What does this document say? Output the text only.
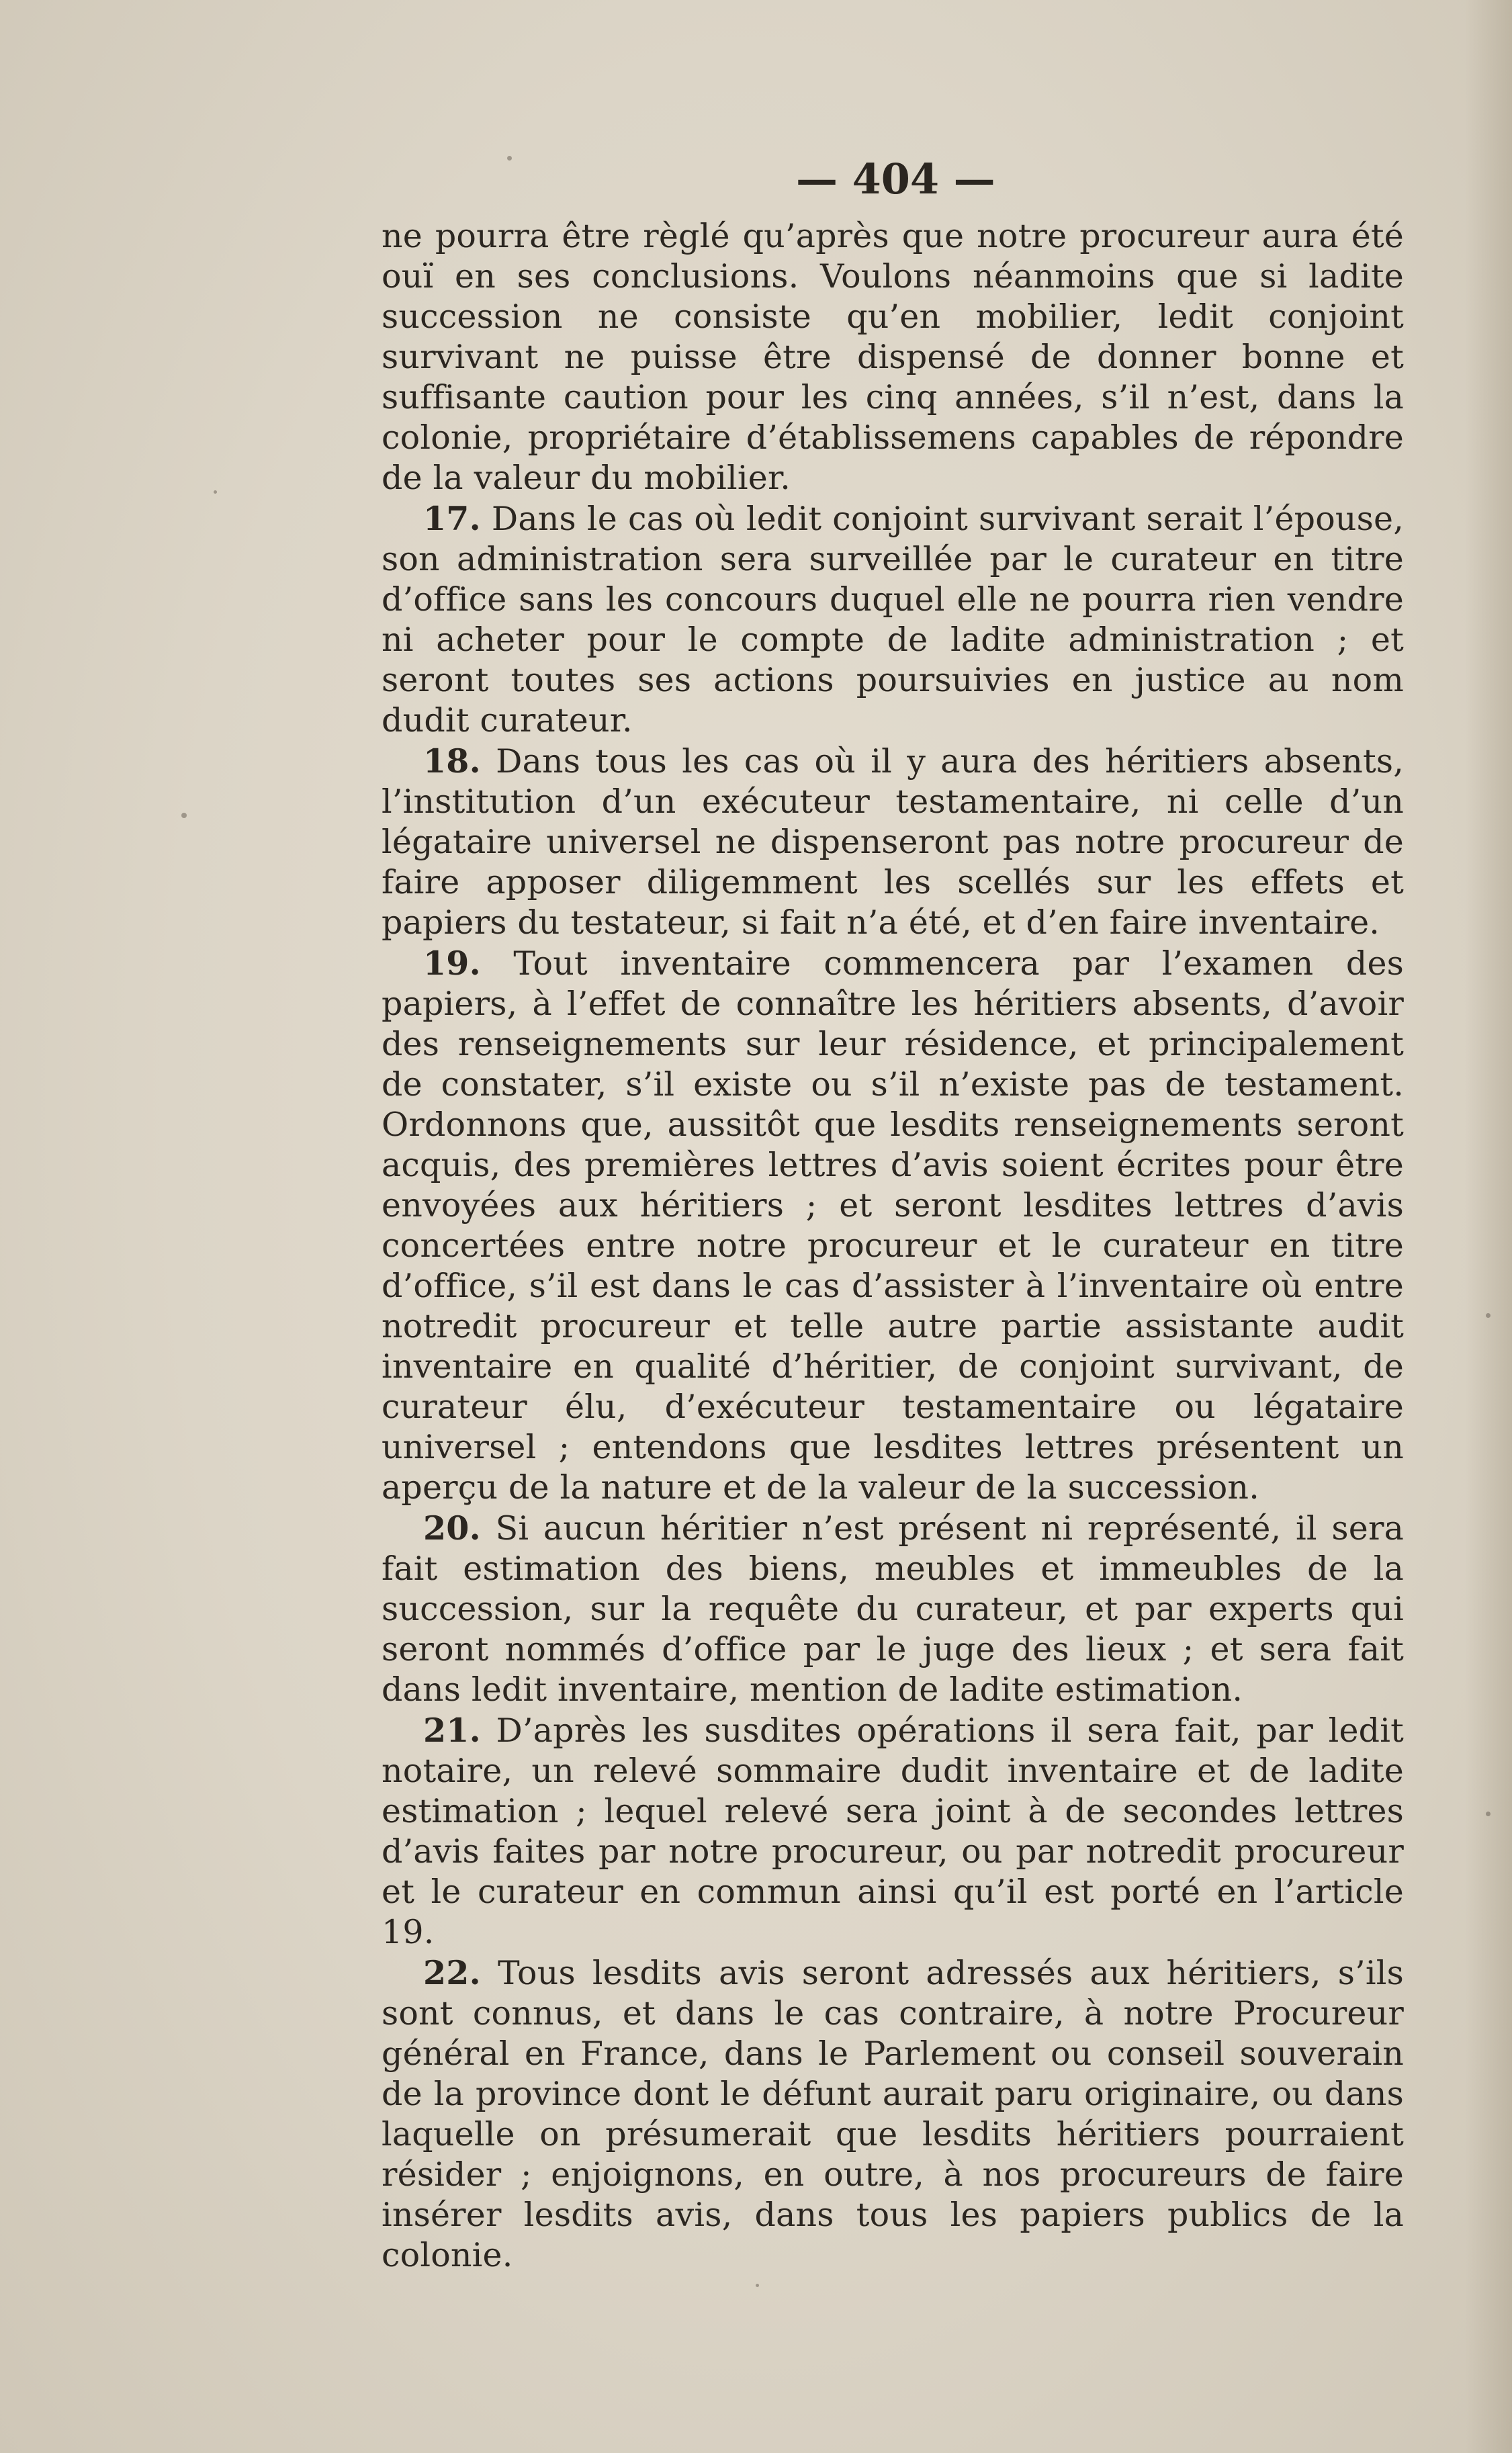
— 404 —

ne pourra être règlé qu’après que notre procureur aura été ouï en ses conclusions. Voulons néanmoins que si ladite succession ne consiste qu’en mobilier, ledit conjoint survivant ne puisse être dispensé de donner bonne et suffisante caution pour les cinq années, s’il n’est, dans la colonie, propriétaire d’établissemens capables de répondre de la valeur du mobilier.

17. Dans le cas où ledit conjoint survivant serait l’épouse, son administration sera surveillée par le curateur en titre d’office sans les concours duquel elle ne pourra rien vendre ni acheter pour le compte de ladite administration ; et seront toutes ses actions poursuivies en justice au nom dudit curateur.

18. Dans tous les cas où il y aura des héritiers absents, l’institution d’un exécuteur testamentaire, ni celle d’un légataire universel ne dispenseront pas notre procureur de faire apposer diligemment les scellés sur les effets et papiers du testateur, si fait n’a été, et d’en faire inventaire.

19. Tout inventaire commencera par l’examen des papiers, à l’effet de connaître les héritiers absents, d’avoir des renseignements sur leur résidence, et principalement de constater, s’il existe ou s’il n’existe pas de testament. Ordonnons que, aussitôt que lesdits renseignements seront acquis, des premières lettres d’avis soient écrites pour être envoyées aux héritiers ; et seront lesdites lettres d’avis concertées entre notre procureur et le curateur en titre d’office, s’il est dans le cas d’assister à l’inventaire où entre notredit procureur et telle autre partie assistante audit inventaire en qualité d’héritier, de conjoint survivant, de curateur élu, d’exécuteur testamentaire ou légataire universel ; entendons que lesdites lettres présentent un aperçu de la nature et de la valeur de la succession.

20. Si aucun héritier n’est présent ni représenté, il sera fait estimation des biens, meubles et immeubles de la succession, sur la requête du curateur, et par experts qui seront nommés d’office par le juge des lieux ; et sera fait dans ledit inventaire, mention de ladite estimation.

21. D’après les susdites opérations il sera fait, par ledit notaire, un relevé sommaire dudit inventaire et de ladite estimation ; lequel relevé sera joint à de secondes lettres d’avis faites par notre procureur, ou par notredit procureur et le curateur en commun ainsi qu’il est porté en l’article 19.

22. Tous lesdits avis seront adressés aux héritiers, s’ils sont connus, et dans le cas contraire, à notre Procureur général en France, dans le Parlement ou conseil souverain de la province dont le défunt aurait paru originaire, ou dans laquelle on présumerait que lesdits héritiers pourraient résider ; enjoignons, en outre, à nos procureurs de faire insérer lesdits avis, dans tous les papiers publics de la colonie.
